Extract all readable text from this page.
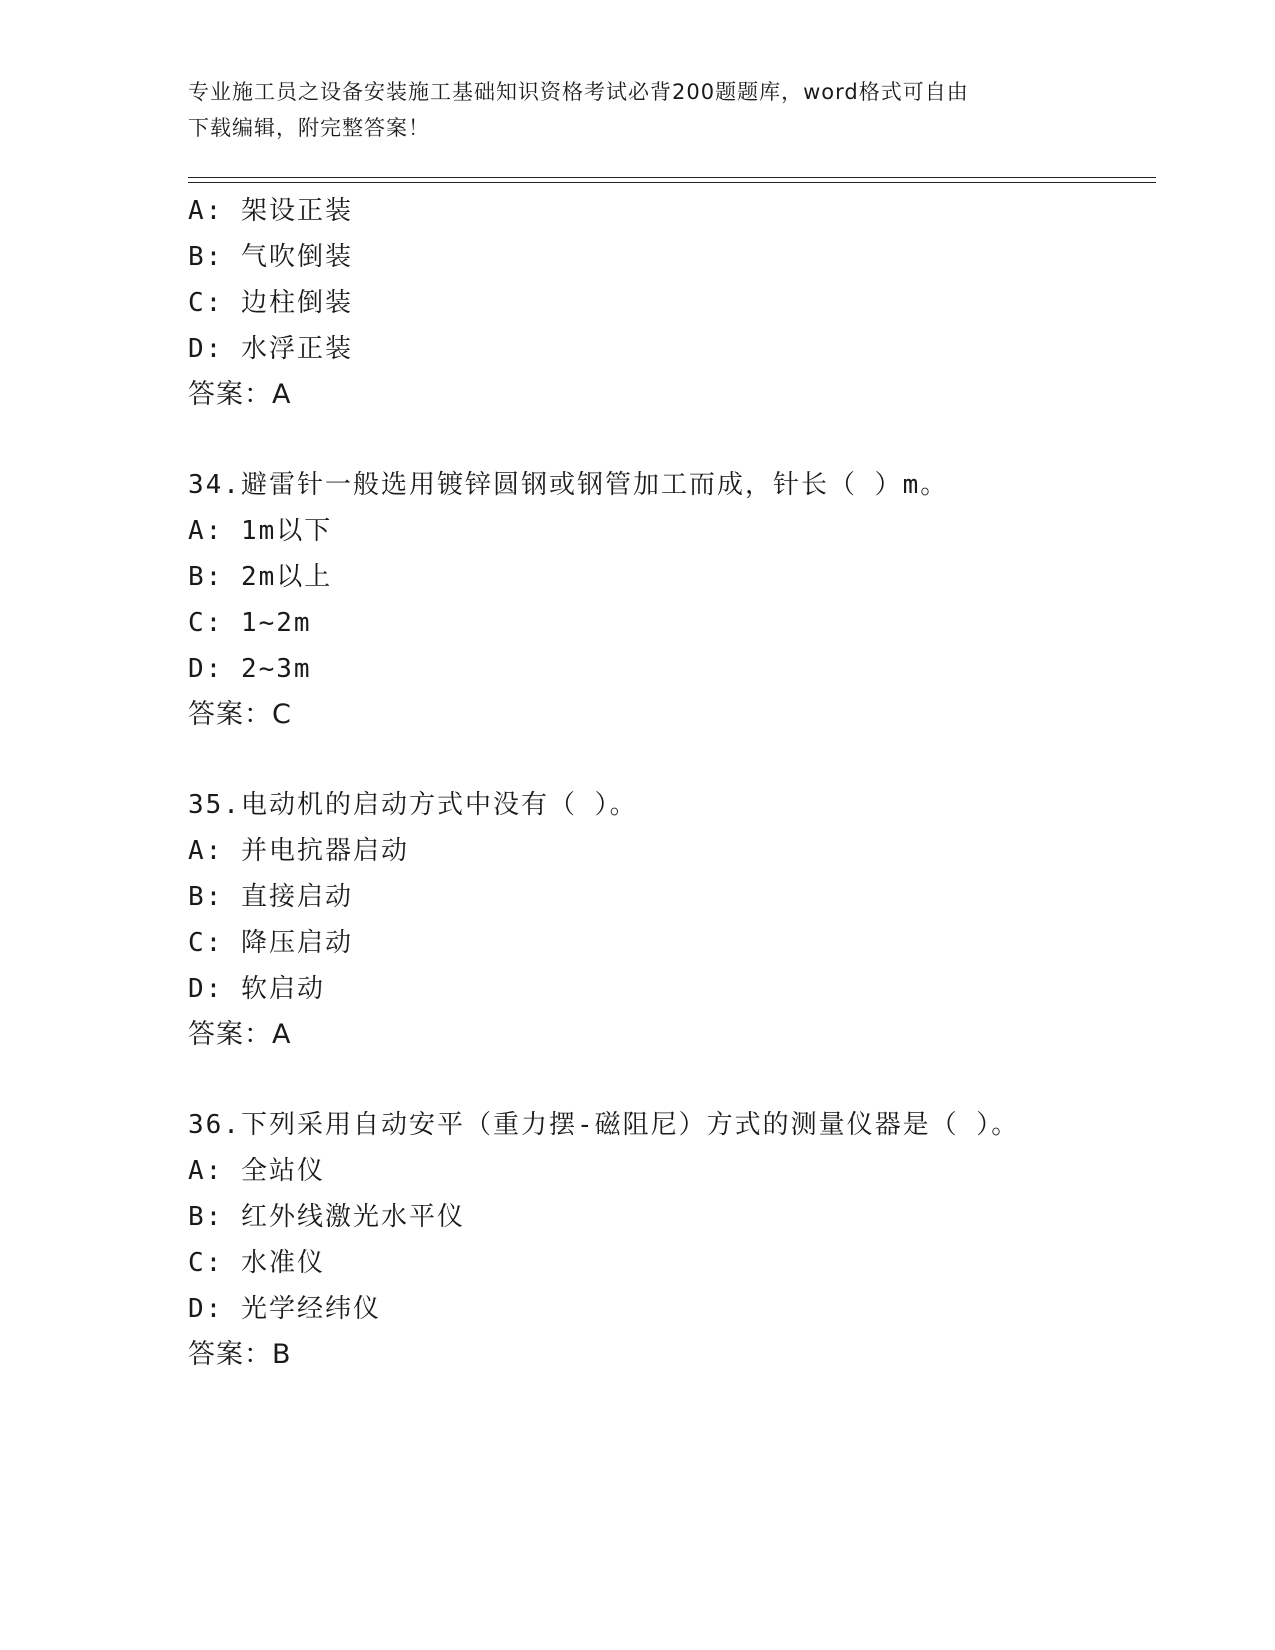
专业施工员之设备安装施工基础知识资格考试必背200题题库，word格式可自由
下载编辑，附完整答案！
A: 架设正装
B: 气吹倒装
C: 边柱倒装
D: 水浮正装
答案：A
34.避雷针一般选用镀锌圆钢或钢管加工而成，针长（ ）m。
A: 1m以下
B: 2m以上
C: 1~2m
D: 2~3m
答案：C
35.电动机的启动方式中没有（ ）。
A: 并电抗器启动
B: 直接启动
C: 降压启动
D: 软启动
答案：A
36.下列采用自动安平（重力摆-磁阻尼）方式的测量仪器是（ ）。
A: 全站仪
B: 红外线激光水平仪
C: 水准仪
D: 光学经纬仪
答案：B
